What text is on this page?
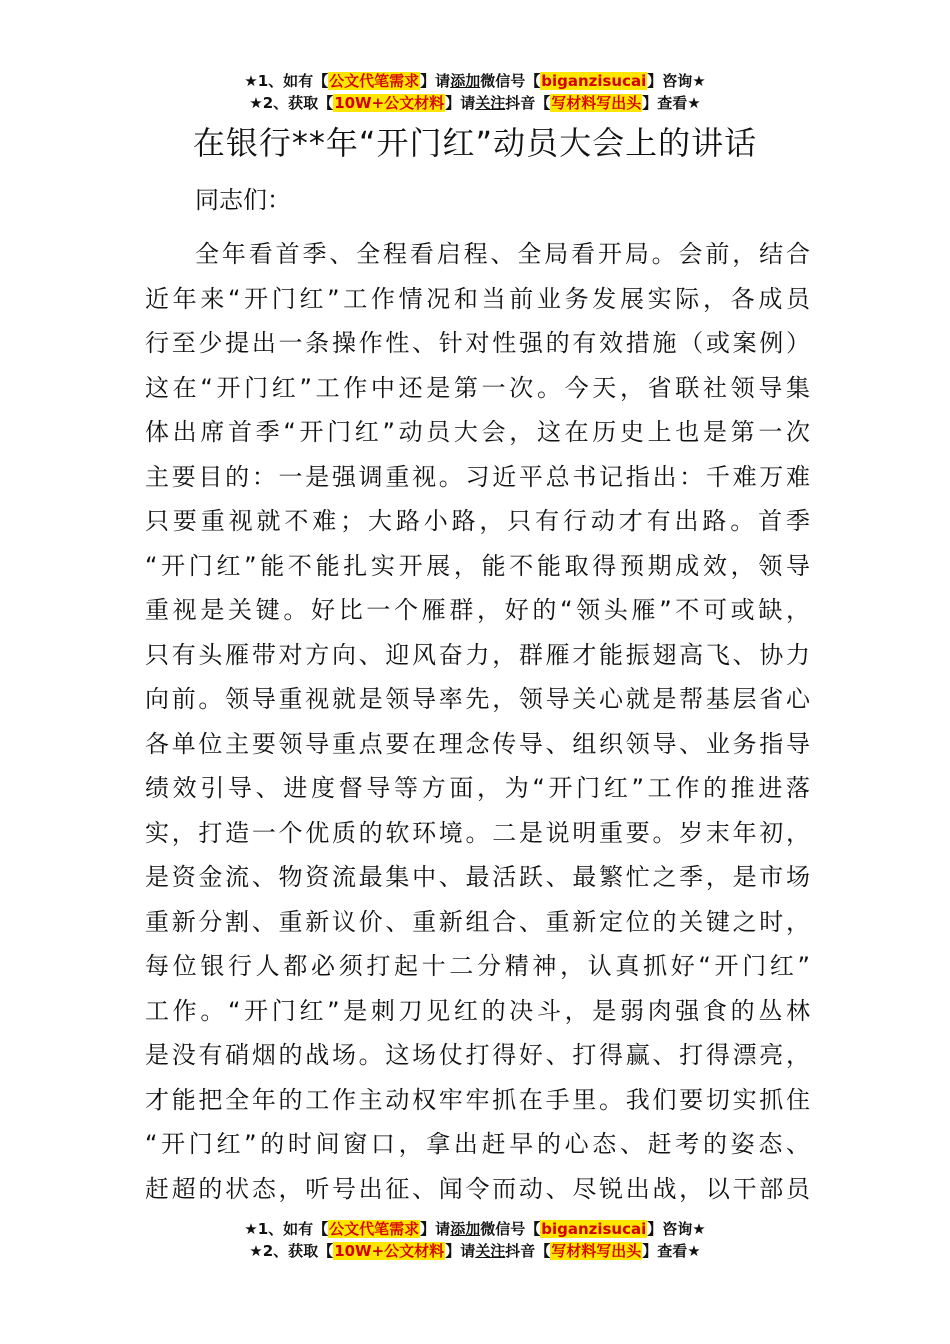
★1、如有【公文代笔需求】请添加微信号【biganzisucai】咨询★
★2、获取【10W+公文材料】请关注抖音【写材料写出头】查看★
在银行**年“开门红”动员大会上的讲话
同志们：
全年看首季、全程看启程、全局看开局。会前，结合
近年来“开门红”工作情况和当前业务发展实际，各成员
行至少提出一条操作性、针对性强的有效措施（或案例）
这在“开门红”工作中还是第一次。今天，省联社领导集
体出席首季“开门红”动员大会，这在历史上也是第一次
主要目的：一是强调重视。习近平总书记指出：千难万难
只要重视就不难；大路小路，只有行动才有出路。首季
“开门红”能不能扎实开展，能不能取得预期成效，领导
重视是关键。好比一个雁群，好的“领头雁”不可或缺，
只有头雁带对方向、迎风奋力，群雁才能振翅高飞、协力
向前。领导重视就是领导率先，领导关心就是帮基层省心
各单位主要领导重点要在理念传导、组织领导、业务指导
绩效引导、进度督导等方面，为“开门红”工作的推进落
实，打造一个优质的软环境。二是说明重要。岁末年初，
是资金流、物资流最集中、最活跃、最繁忙之季，是市场
重新分割、重新议价、重新组合、重新定位的关键之时，
每位银行人都必须打起十二分精神，认真抓好“开门红”
工作。“开门红”是刺刀见红的决斗，是弱肉强食的丛林
是没有硝烟的战场。这场仗打得好、打得赢、打得漂亮，
才能把全年的工作主动权牢牢抓在手里。我们要切实抓住
“开门红”的时间窗口，拿出赶早的心态、赶考的姿态、
赶超的状态，听号出征、闻令而动、尽锐出战，以干部员
★1、如有【公文代笔需求】请添加微信号【biganzisucai】咨询★
★2、获取【10W+公文材料】请关注抖音【写材料写出头】查看★
